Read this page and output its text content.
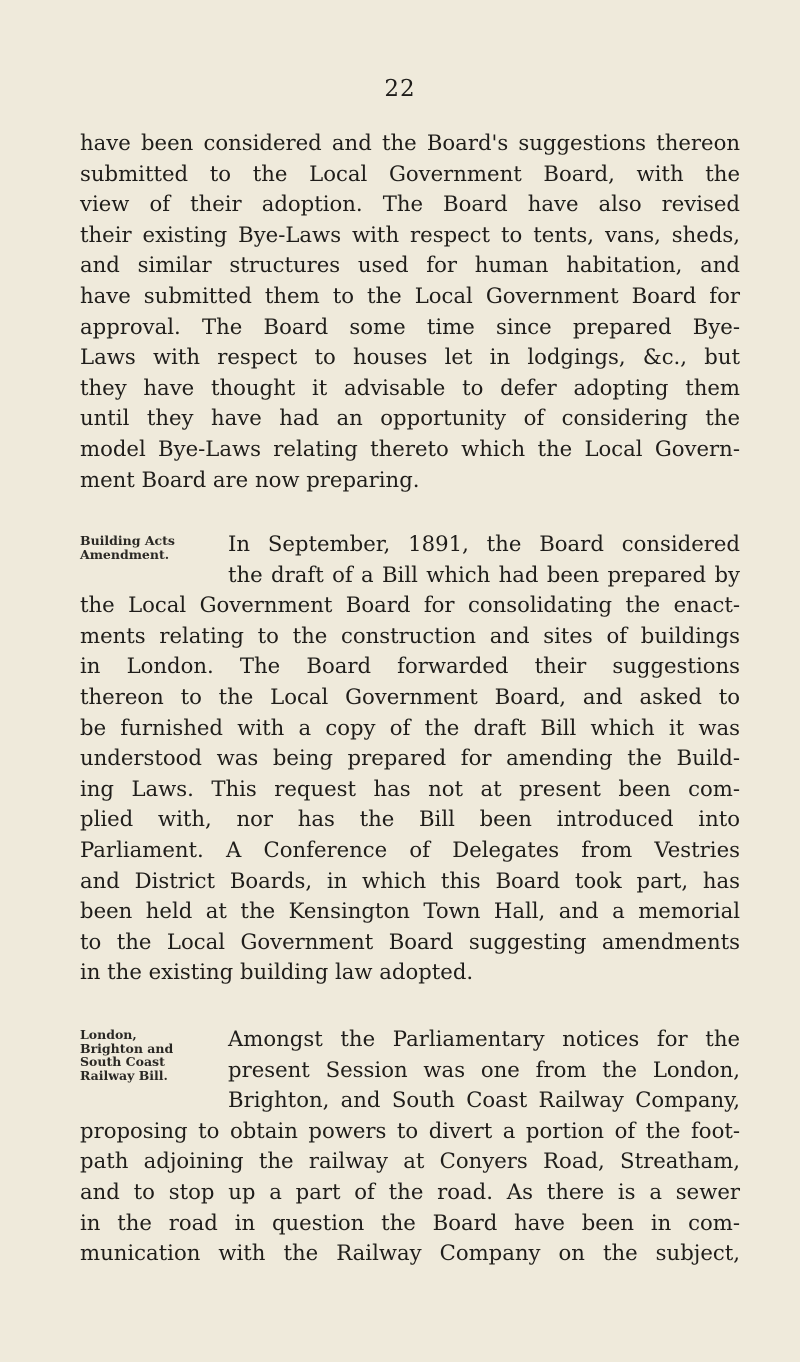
22
have been considered and the Board's suggestions thereon
submitted to the Local Government Board, with the
view of their adoption. The Board have also revised
their existing Bye-Laws with respect to tents, vans, sheds,
and similar structures used for human habitation, and
have submitted them to the Local Government Board for
approval. The Board some time since prepared Bye-
Laws with respect to houses let in lodgings, &c., but
they have thought it advisable to defer adopting them
until they have had an opportunity of considering the
model Bye-Laws relating thereto which the Local Govern-
ment Board are now preparing.
Building Acts
Amendment.	In September, 1891, the Board considered
the draft of a Bill which had been prepared by
the Local Government Board for consolidating the enact-
ments relating to the construction and sites of buildings
in London. The Board forwarded their suggestions
thereon to the Local Government Board, and asked to
be furnished with a copy of the draft Bill which it was
understood was being prepared for amending the Build-
ing Laws. This request has not at present been com-
plied with, nor has the Bill been introduced into
Parliament. A Conference of Delegates from Vestries
and District Boards, in which this Board took part, has
been held at the Kensington Town Hall, and a memorial
to the Local Government Board suggesting amendments
in the existing building law adopted.
London,
Brighton and
South Coast
Railway Bill.
Amongst the Parliamentary notices for the
present Session was one from the London,
Brighton, and South Coast Railway Company,
proposing to obtain powers to divert a portion of the foot-
path adjoining the railway at Conyers Road, Streatham,
and to stop up a part of the road. As there is a sewer
in the road in question the Board have been in com-
munication with the Railway Company on the subject,
